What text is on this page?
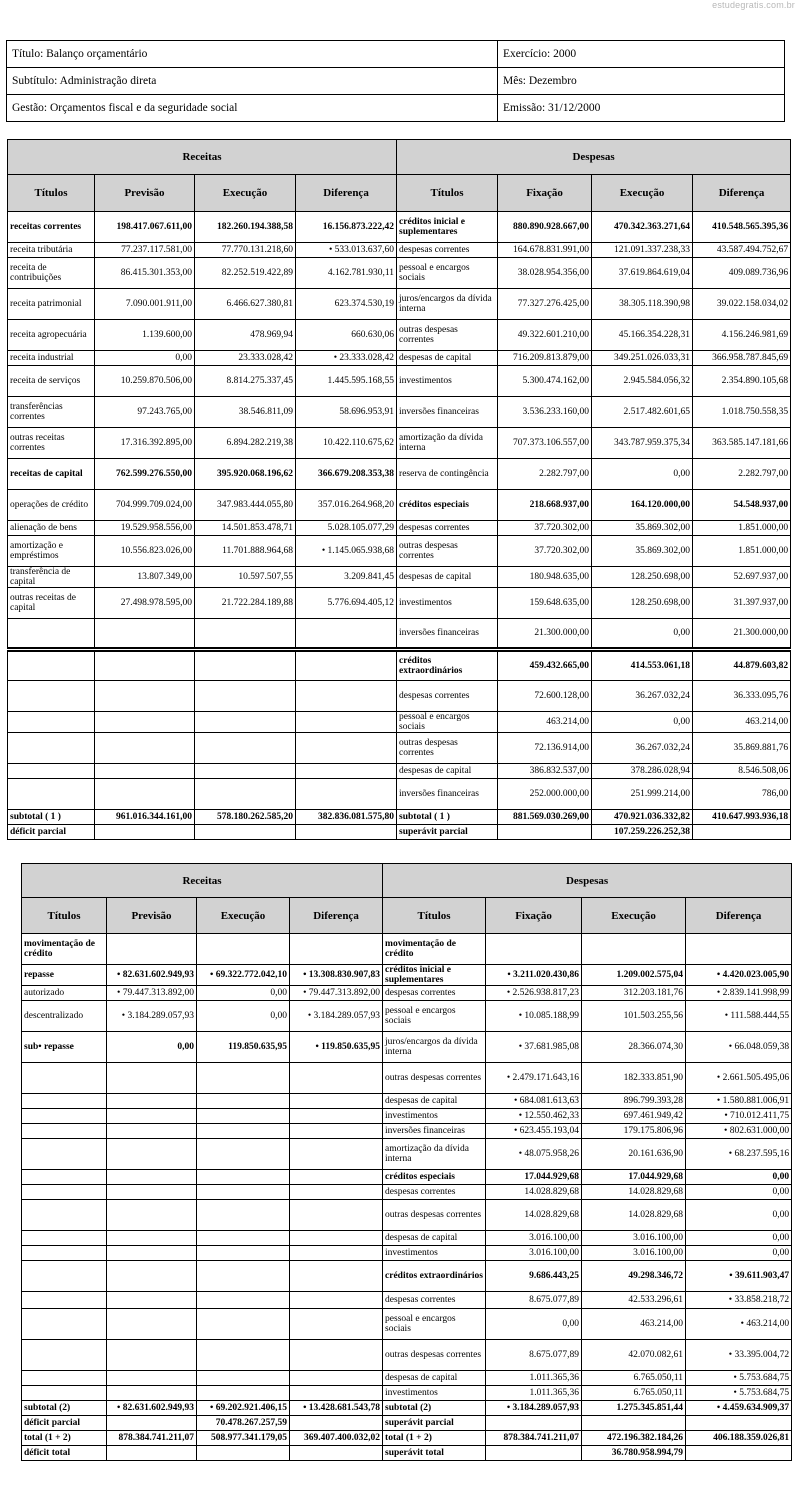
estudegratis.com.br
Título: Balanço orçamentário	Exercício: 2000
Subtítulo: Administração direta	Mês: Dezembro
Gestão: Orçamentos fiscal e da seguridade social	Emissão: 31/12/2000
Receitas				Despesas			
Títulos	Previsão	Execução	Diferença	Títulos	Fixação	Execução	Diferença
receitas correntes	198.417.067.611,00	182.260.194.388,58	16.156.873.222,42	créditos inicial e suplementares	880.890.928.667,00	470.342.363.271,64	410.548.565.395,36
receita tributária	77.237.117.581,00	77.770.131.218,60	• 533.013.637,60	despesas correntes	164.678.831.991,00	121.091.337.238,33	43.587.494.752,67
receita de contribuições	86.415.301.353,00	82.252.519.422,89	4.162.781.930,11	pessoal e encargos sociais	38.028.954.356,00	37.619.864.619,04	409.089.736,96
receita patrimonial	7.090.001.911,00	6.466.627.380,81	623.374.530,19	juros/encargos da dívida interna	77.327.276.425,00	38.305.118.390,98	39.022.158.034,02
receita agropecuária	1.139.600,00	478.969,94	660.630,06	outras despesas correntes	49.322.601.210,00	45.166.354.228,31	4.156.246.981,69
receita industrial	0,00	23.333.028,42	• 23.333.028,42	despesas de capital	716.209.813.879,00	349.251.026.033,31	366.958.787.845,69
receita de serviços	10.259.870.506,00	8.814.275.337,45	1.445.595.168,55	investimentos	5.300.474.162,00	2.945.584.056,32	2.354.890.105,68
transferências correntes	97.243.765,00	38.546.811,09	58.696.953,91	inversões financeiras	3.536.233.160,00	2.517.482.601,65	1.018.750.558,35
outras receitas correntes	17.316.392.895,00	6.894.282.219,38	10.422.110.675,62	amortização da dívida interna	707.373.106.557,00	343.787.959.375,34	363.585.147.181,66
receitas de capital	762.599.276.550,00	395.920.068.196,62	366.679.208.353,38	reserva de contingência	2.282.797,00	0,00	2.282.797,00
operações de crédito	704.999.709.024,00	347.983.444.055,80	357.016.264.968,20	créditos especiais	218.668.937,00	164.120.000,00	54.548.937,00
alienação de bens	19.529.958.556,00	14.501.853.478,71	5.028.105.077,29	despesas correntes	37.720.302,00	35.869.302,00	1.851.000,00
amortização e empréstimos	10.556.823.026,00	11.701.888.964,68	• 1.145.065.938,68	outras despesas correntes	37.720.302,00	35.869.302,00	1.851.000,00
transferência de capital	13.807.349,00	10.597.507,55	3.209.841,45	despesas de capital	180.948.635,00	128.250.698,00	52.697.937,00
outras receitas de capital	27.498.978.595,00	21.722.284.189,88	5.776.694.405,12	investimentos	159.648.635,00	128.250.698,00	31.397.937,00
				inversões financeiras	21.300.000,00	0,00	21.300.000,00
				créditos extraordinários	459.432.665,00	414.553.061,18	44.879.603,82
				despesas correntes	72.600.128,00	36.267.032,24	36.333.095,76
				pessoal e encargos sociais	463.214,00	0,00	463.214,00
				outras despesas correntes	72.136.914,00	36.267.032,24	35.869.881,76
				despesas de capital	386.832.537,00	378.286.028,94	8.546.508,06
				inversões financeiras	252.000.000,00	251.999.214,00	786,00
subtotal ( 1 )	961.016.344.161,00	578.180.262.585,20	382.836.081.575,80	subtotal ( 1 )	881.569.030.269,00	470.921.036.332,82	410.647.993.936,18
déficit parcial				superávit parcial		107.259.226.252,38	
Receitas				Despesas			
Títulos	Previsão	Execução	Diferença	Títulos	Fixação	Execução	Diferença
movimentação de crédito				movimentação de crédito			
repasse	• 82.631.602.949,93	• 69.322.772.042,10	• 13.308.830.907,83	créditos inicial e suplementares	• 3.211.020.430,86	1.209.002.575,04	• 4.420.023.005,90
autorizado	• 79.447.313.892,00	0,00	• 79.447.313.892,00	despesas correntes	• 2.526.938.817,23	312.203.181,76	• 2.839.141.998,99
descentralizado	• 3.184.289.057,93	0,00	• 3.184.289.057,93	pessoal e encargos sociais	• 10.085.188,99	101.503.255,56	• 111.588.444,55
sub• repasse	0,00	119.850.635,95	• 119.850.635,95	juros/encargos da dívida interna	• 37.681.985,08	28.366.074,30	• 66.048.059,38
				outras despesas correntes	• 2.479.171.643,16	182.333.851,90	• 2.661.505.495,06
				despesas de capital	• 684.081.613,63	896.799.393,28	• 1.580.881.006,91
				investimentos	• 12.550.462,33	697.461.949,42	• 710.012.411,75
				inversões financeiras	• 623.455.193,04	179.175.806,96	• 802.631.000,00
				amortização da dívida interna	• 48.075.958,26	20.161.636,90	• 68.237.595,16
				créditos especiais	17.044.929,68	17.044.929,68	0,00
				despesas correntes	14.028.829,68	14.028.829,68	0,00
				outras despesas correntes	14.028.829,68	14.028.829,68	0,00
				despesas de capital	3.016.100,00	3.016.100,00	0,00
				investimentos	3.016.100,00	3.016.100,00	0,00
				créditos extraordinários	9.686.443,25	49.298.346,72	• 39.611.903,47
				despesas correntes	8.675.077,89	42.533.296,61	• 33.858.218,72
				pessoal e encargos sociais	0,00	463.214,00	• 463.214,00
				outras despesas correntes	8.675.077,89	42.070.082,61	• 33.395.004,72
				despesas de capital	1.011.365,36	6.765.050,11	• 5.753.684,75
				investimentos	1.011.365,36	6.765.050,11	• 5.753.684,75
subtotal (2)	• 82.631.602.949,93	• 69.202.921.406,15	• 13.428.681.543,78	subtotal (2)	• 3.184.289.057,93	1.275.345.851,44	• 4.459.634.909,37
déficit parcial		70.478.267.257,59		superávit parcial			
total (1 + 2)	878.384.741.211,07	508.977.341.179,05	369.407.400.032,02	total (1 + 2)	878.384.741.211,07	472.196.382.184,26	406.188.359.026,81
déficit total				superávit total		36.780.958.994,79	
